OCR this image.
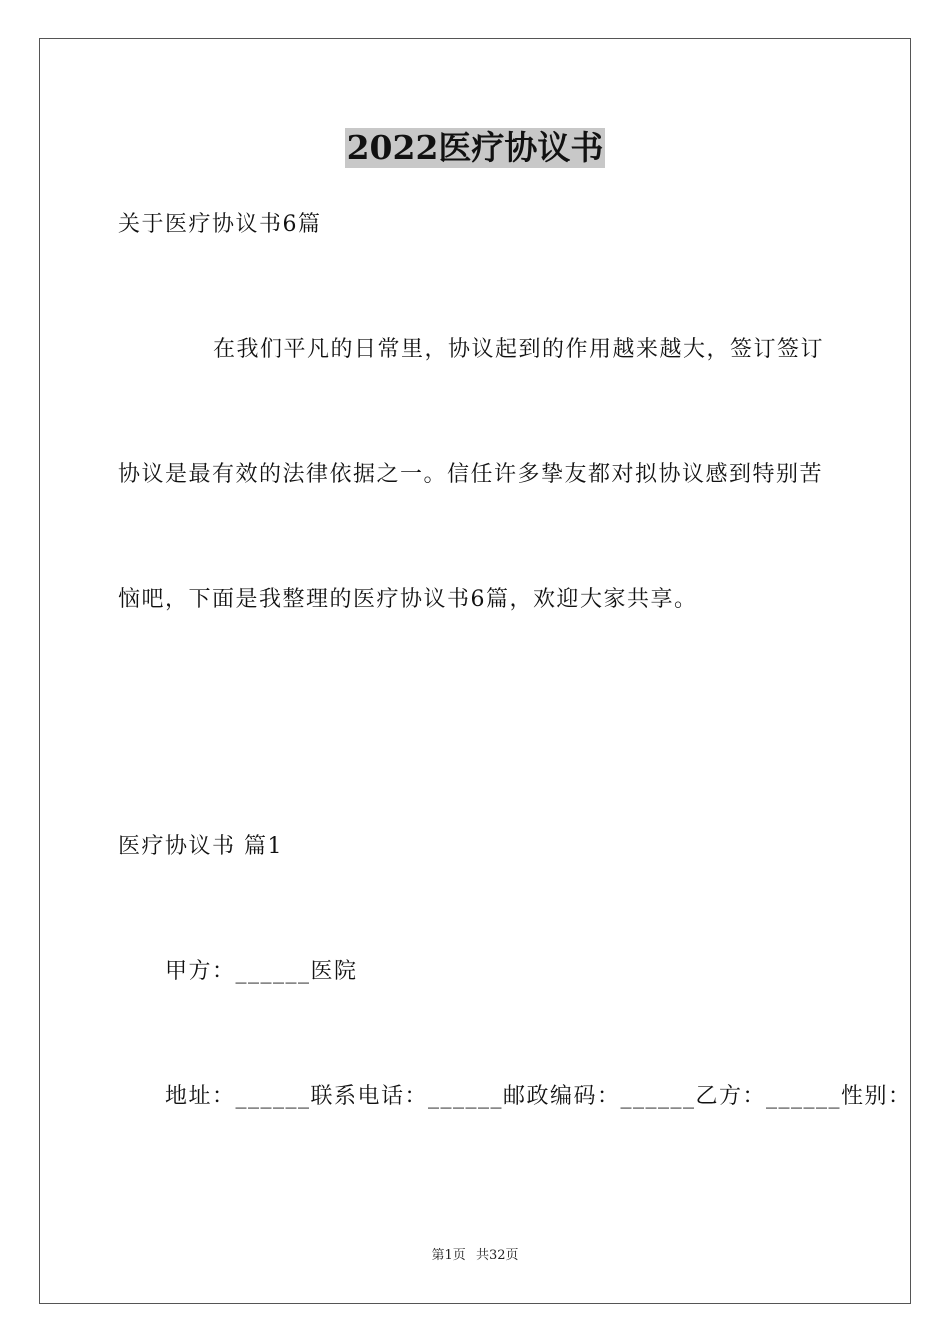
2022医疗协议书

关于医疗协议书6篇

在我们平凡的日常里，协议起到的作用越来越大，签订签订

协议是最有效的法律依据之一。信任许多挚友都对拟协议感到特别苦

恼吧，下面是我整理的医疗协议书6篇，欢迎大家共享。

医疗协议书 篇1

甲方：______医院

地址：______联系电话：______邮政编码：______乙方：______性别：

第1页 共32页
